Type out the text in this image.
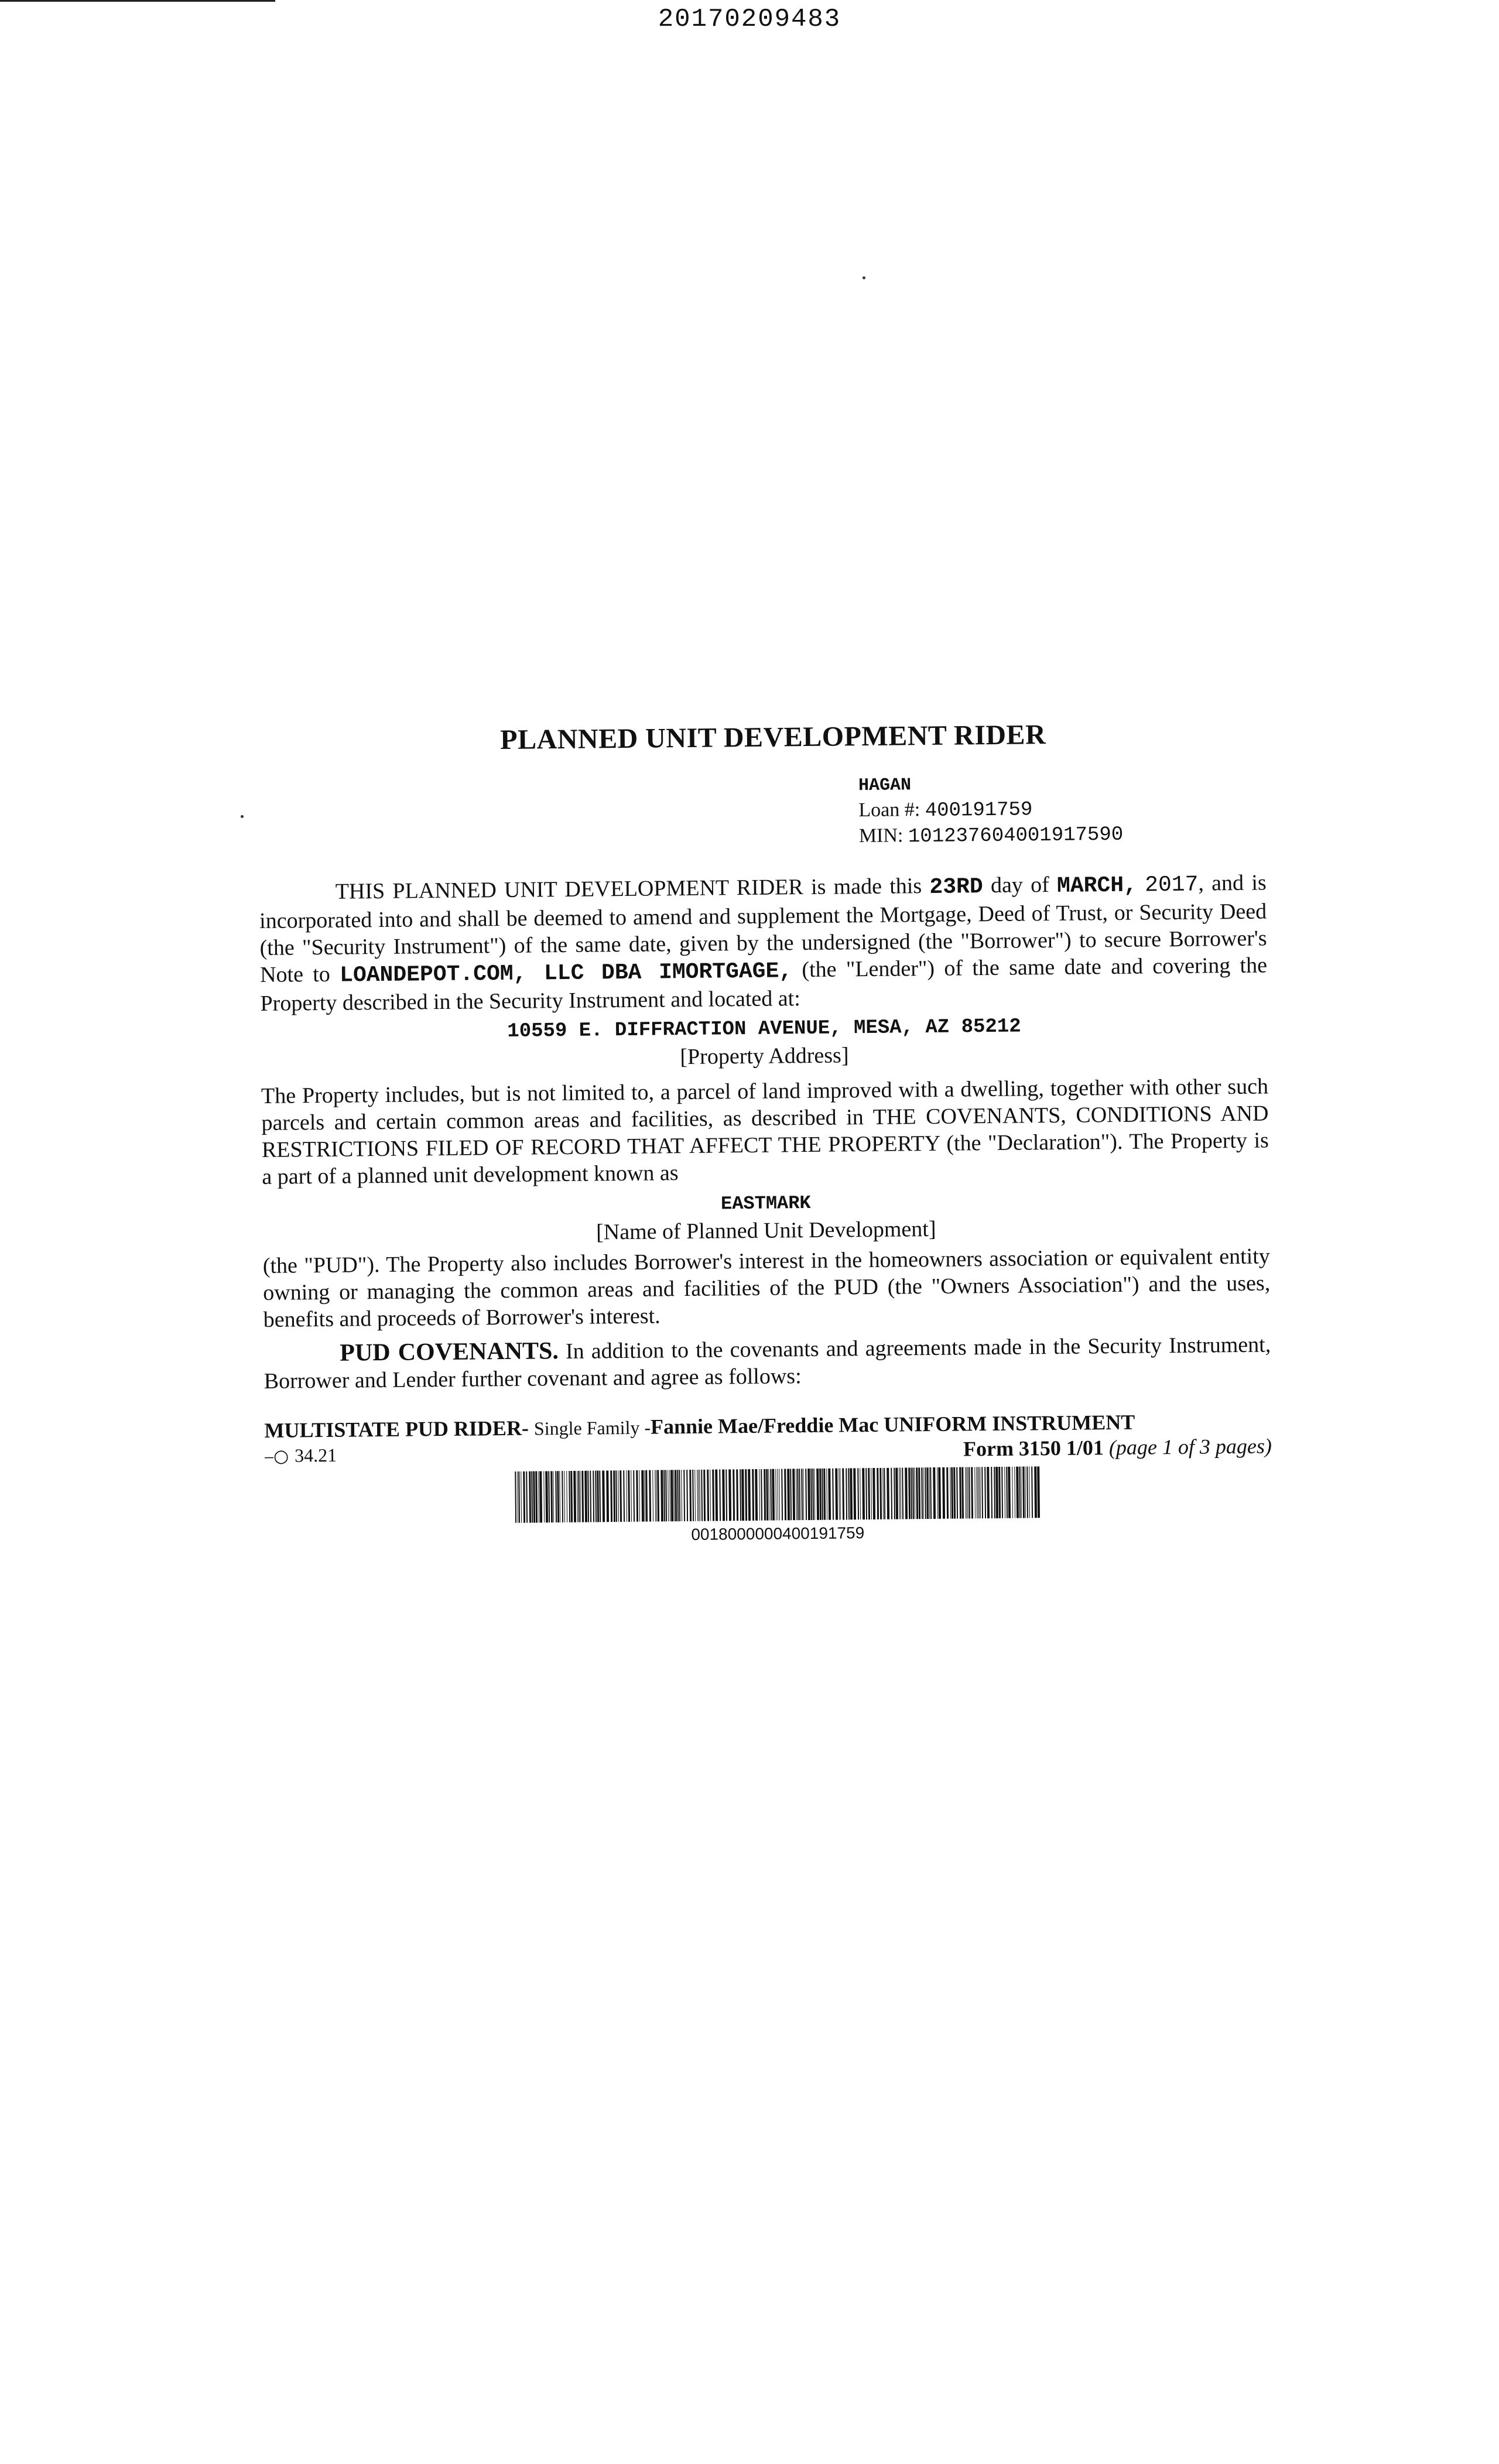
20170209483
PLANNED UNIT DEVELOPMENT RIDER
HAGAN
Loan #: 400191759
MIN: 101237604001917590

THIS PLANNED UNIT DEVELOPMENT RIDER is made this 23RD day of MARCH, 2017, and is incorporated into and shall be deemed to amend and supplement the Mortgage, Deed of Trust, or Security Deed (the "Security Instrument") of the same date, given by the undersigned (the "Borrower") to secure Borrower's Note to LOANDEPOT.COM, LLC DBA IMORTGAGE, (the "Lender") of the same date and covering the Property described in the Security Instrument and located at:

10559 E. DIFFRACTION AVENUE, MESA, AZ 85212
[Property Address]

The Property includes, but is not limited to, a parcel of land improved with a dwelling, together with other such parcels and certain common areas and facilities, as described in THE COVENANTS, CONDITIONS AND RESTRICTIONS FILED OF RECORD THAT AFFECT THE PROPERTY (the "Declaration"). The Property is a part of a planned unit development known as

EASTMARK
[Name of Planned Unit Development]

(the "PUD"). The Property also includes Borrower's interest in the homeowners association or equivalent entity owning or managing the common areas and facilities of the PUD (the "Owners Association") and the uses, benefits and proceeds of Borrower's interest.

PUD COVENANTS. In addition to the covenants and agreements made in the Security Instrument, Borrower and Lender further covenant and agree as follows:

MULTISTATE PUD RIDER- Single Family -Fannie Mae/Freddie Mac UNIFORM INSTRUMENT
⎯○ 34.21	Form 3150 1/01 (page 1 of 3 pages)
0018000000400191759
